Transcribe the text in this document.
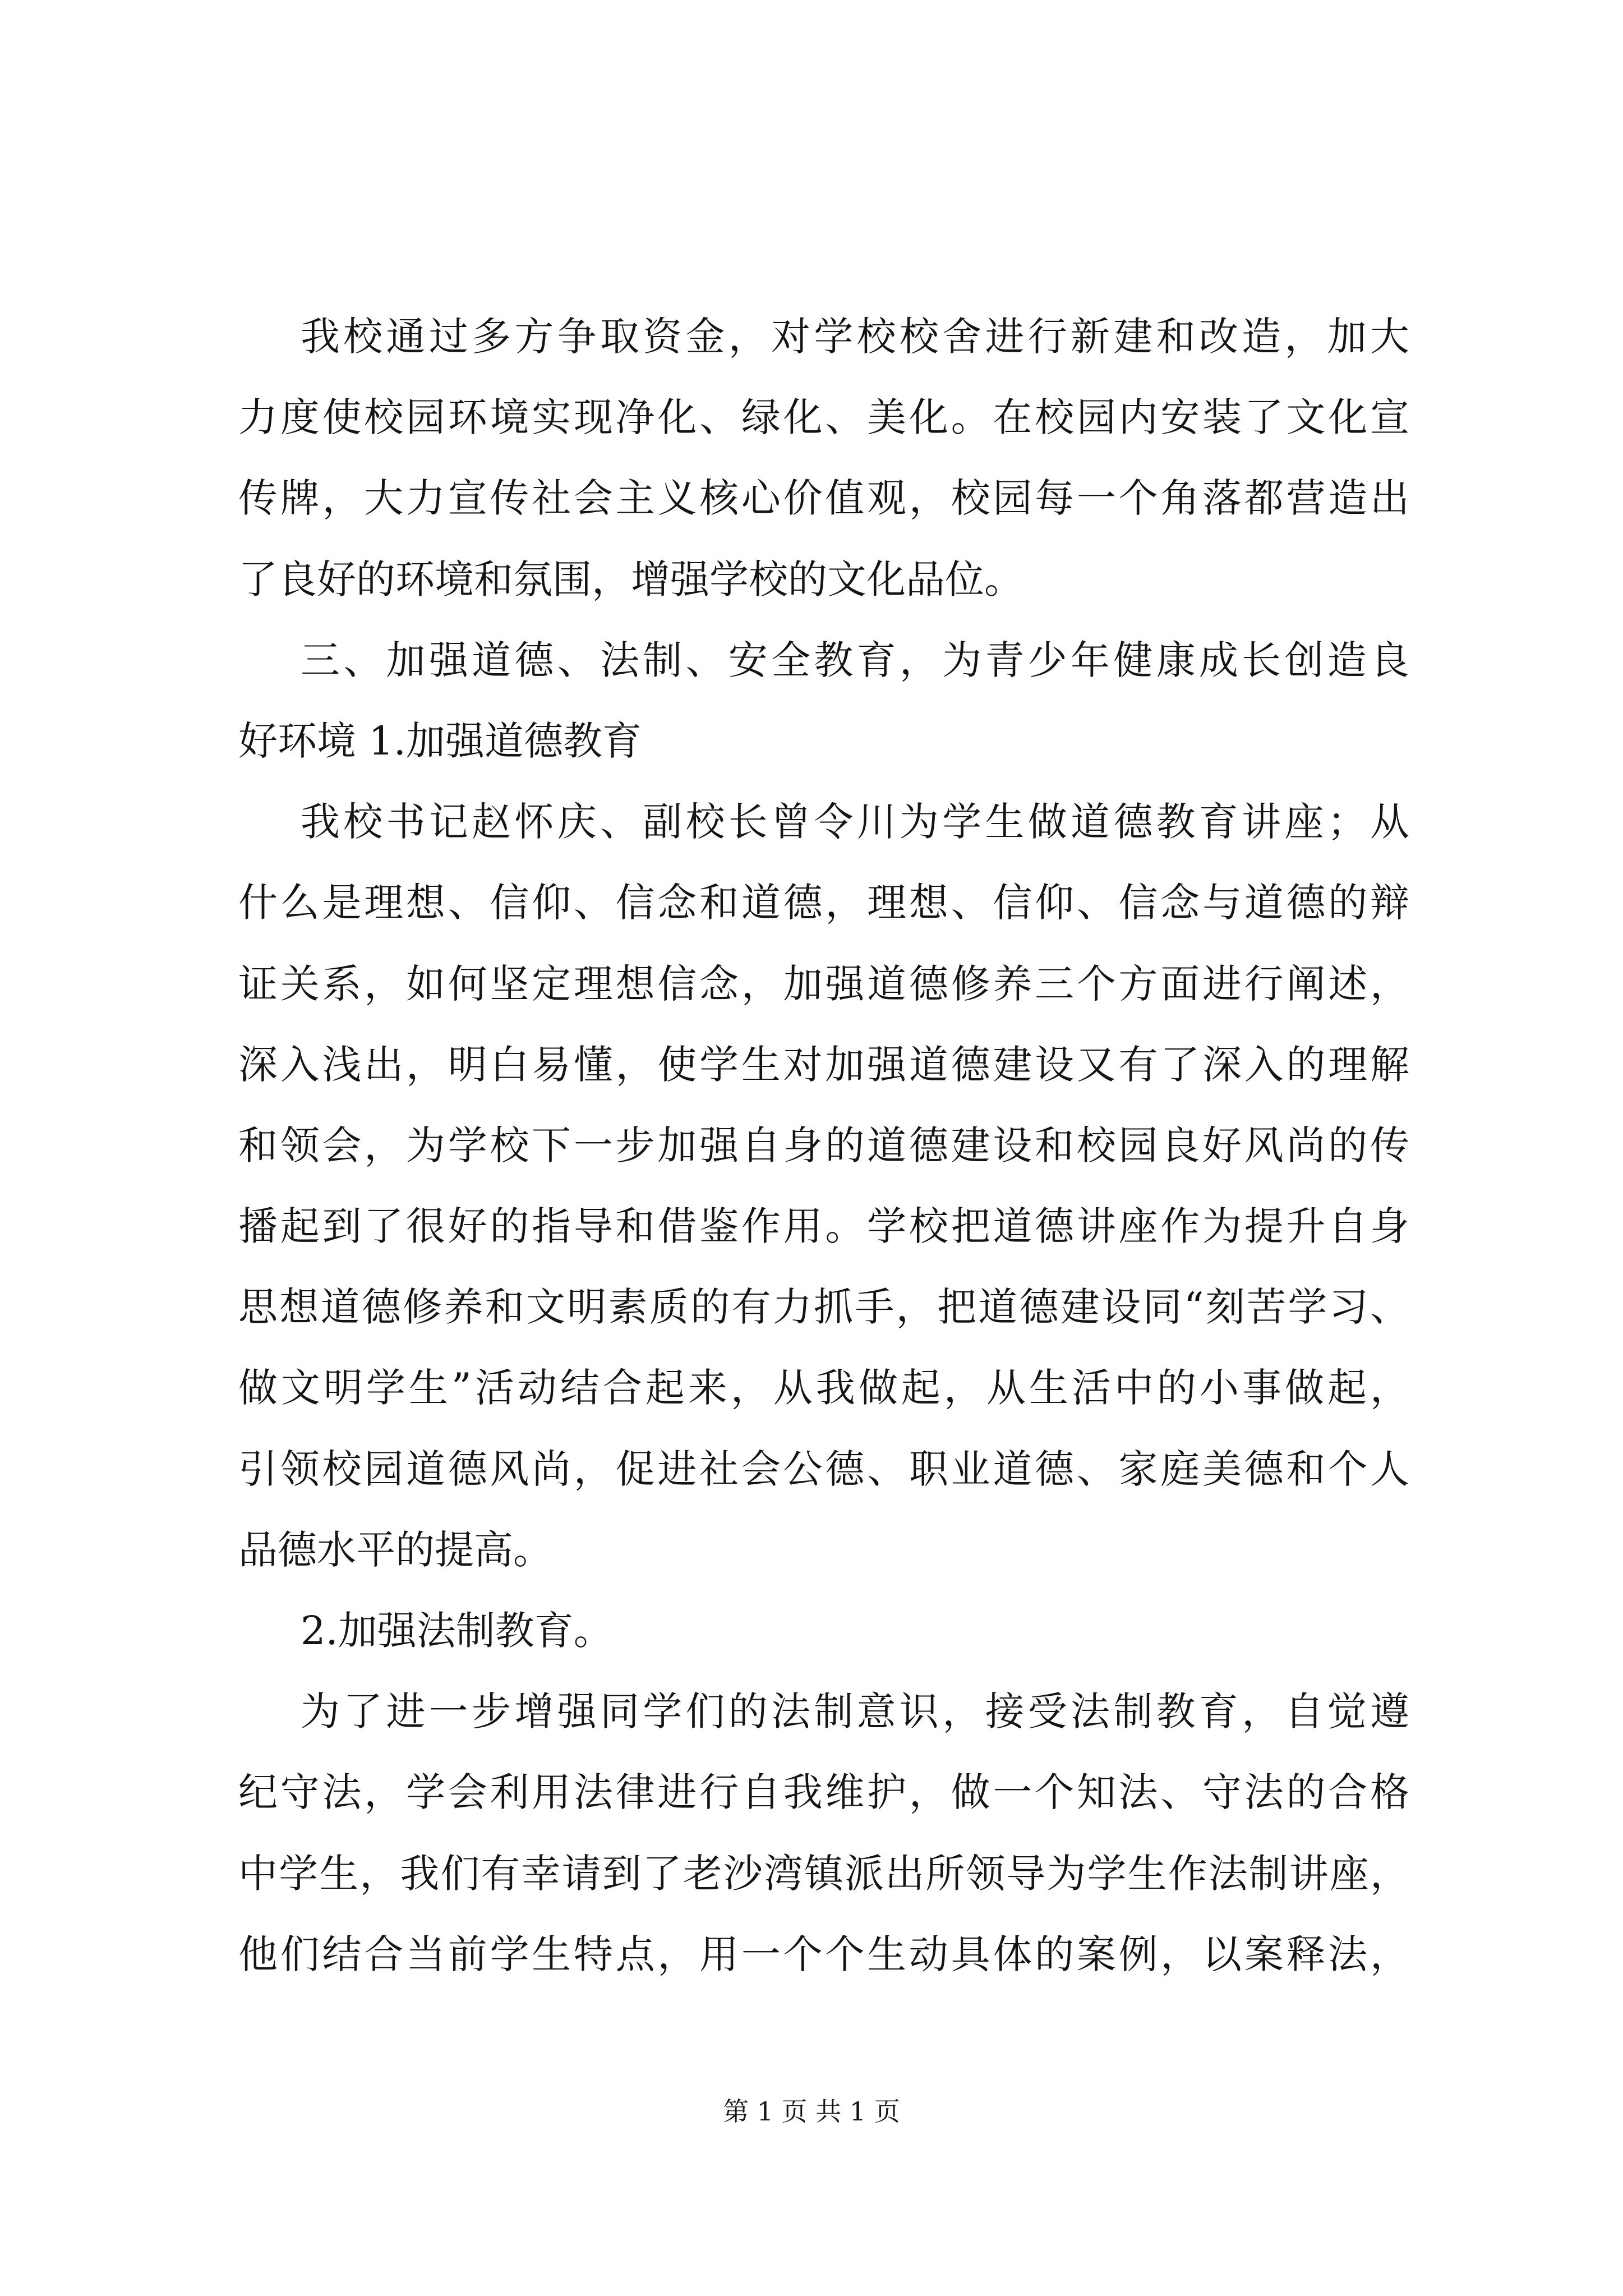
我校通过多方争取资金，对学校校舍进行新建和改造，加大
力度使校园环境实现净化、绿化、美化。在校园内安装了文化宣
传牌，大力宣传社会主义核心价值观，校园每一个角落都营造出
了良好的环境和氛围，增强学校的文化品位。
三、加强道德、法制、安全教育，为青少年健康成长创造良
好环境 1.加强道德教育
我校书记赵怀庆、副校长曾令川为学生做道德教育讲座；从
什么是理想、信仰、信念和道德，理想、信仰、信念与道德的辩
证关系，如何坚定理想信念，加强道德修养三个方面进行阐述，
深入浅出，明白易懂，使学生对加强道德建设又有了深入的理解
和领会，为学校下一步加强自身的道德建设和校园良好风尚的传
播起到了很好的指导和借鉴作用。学校把道德讲座作为提升自身
思想道德修养和文明素质的有力抓手，把道德建设同“刻苦学习、
做文明学生”活动结合起来，从我做起，从生活中的小事做起，
引领校园道德风尚，促进社会公德、职业道德、家庭美德和个人
品德水平的提高。
2.加强法制教育。
为了进一步增强同学们的法制意识，接受法制教育，自觉遵
纪守法，学会利用法律进行自我维护，做一个知法、守法的合格
中学生，我们有幸请到了老沙湾镇派出所领导为学生作法制讲座，
他们结合当前学生特点，用一个个生动具体的案例，以案释法，
第 1 页 共 1 页
